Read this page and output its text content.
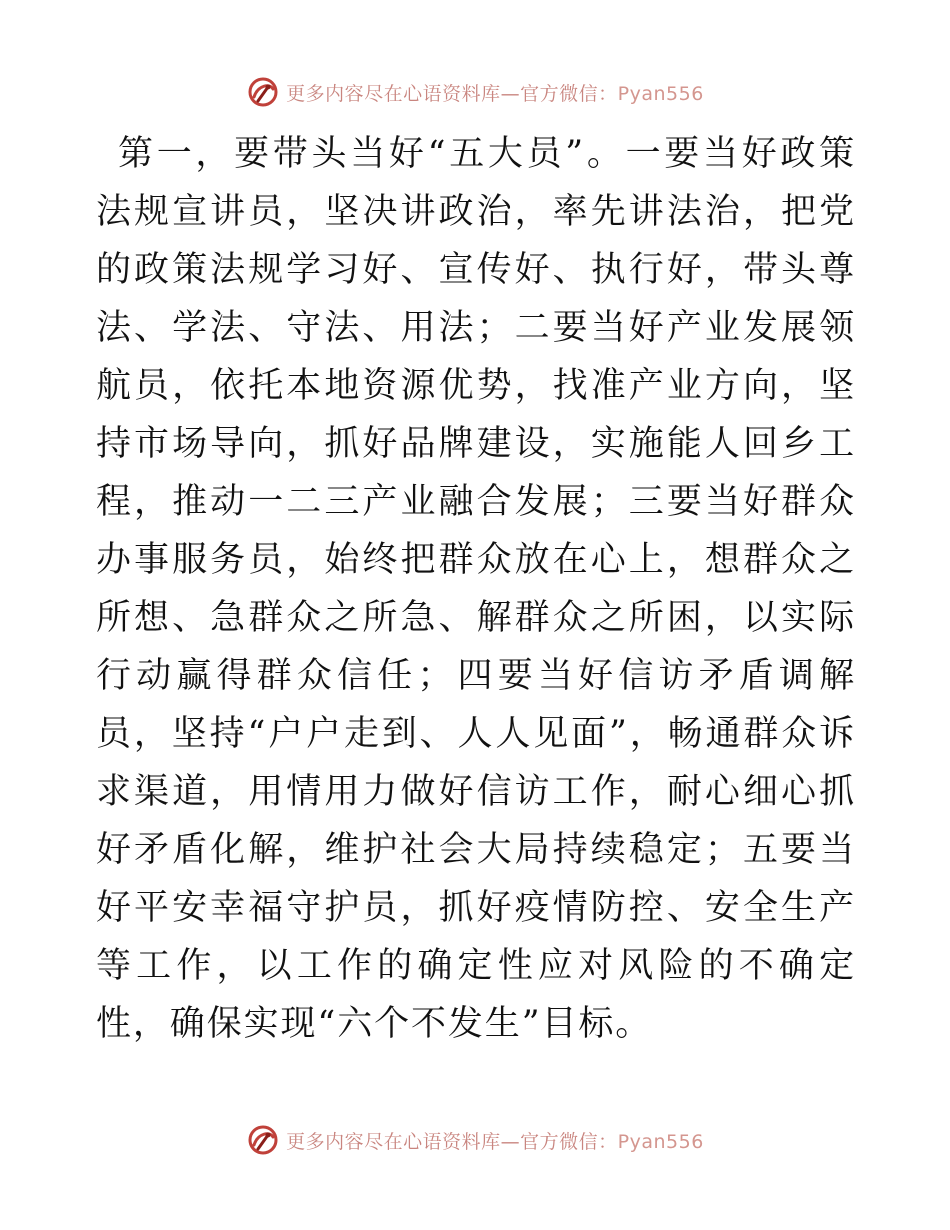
更多内容尽在心语资料库—官方微信：Pyan556

第一，要带头当好“五大员”。一要当好政策法规宣讲员，坚决讲政治，率先讲法治，把党的政策法规学习好、宣传好、执行好，带头尊法、学法、守法、用法；二要当好产业发展领航员，依托本地资源优势，找准产业方向，坚持市场导向，抓好品牌建设，实施能人回乡工程，推动一二三产业融合发展；三要当好群众办事服务员，始终把群众放在心上，想群众之所想、急群众之所急、解群众之所困，以实际行动赢得群众信任；四要当好信访矛盾调解员，坚持“户户走到、人人见面”，畅通群众诉求渠道，用情用力做好信访工作，耐心细心抓好矛盾化解，维护社会大局持续稳定；五要当好平安幸福守护员，抓好疫情防控、安全生产等工作，以工作的确定性应对风险的不确定性，确保实现“六个不发生”目标。

更多内容尽在心语资料库—官方微信：Pyan556
